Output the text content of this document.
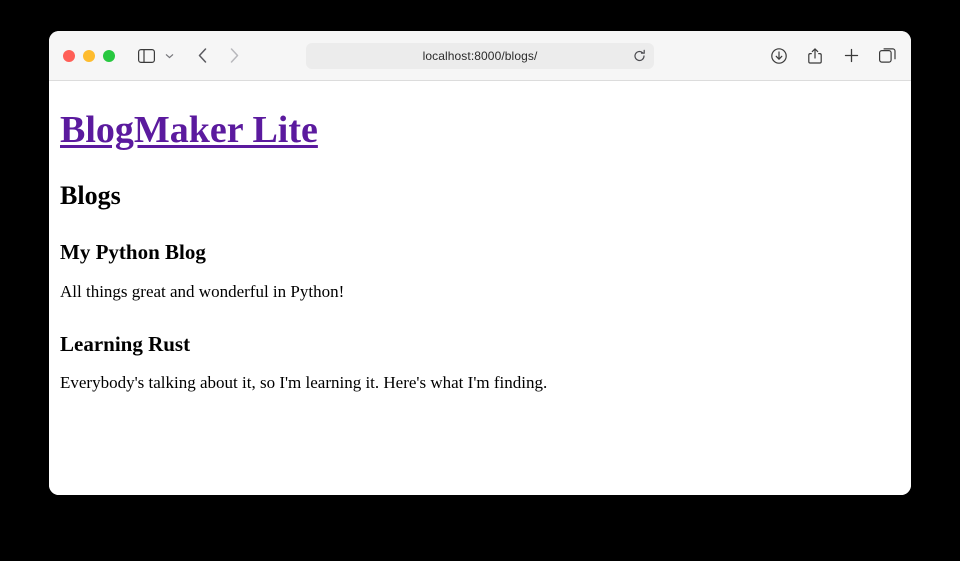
localhost:8000/blogs/
BlogMaker Lite
Blogs
My Python Blog

All things great and wonderful in Python!

Learning Rust

Everybody's talking about it, so I'm learning it. Here's what I'm finding.
